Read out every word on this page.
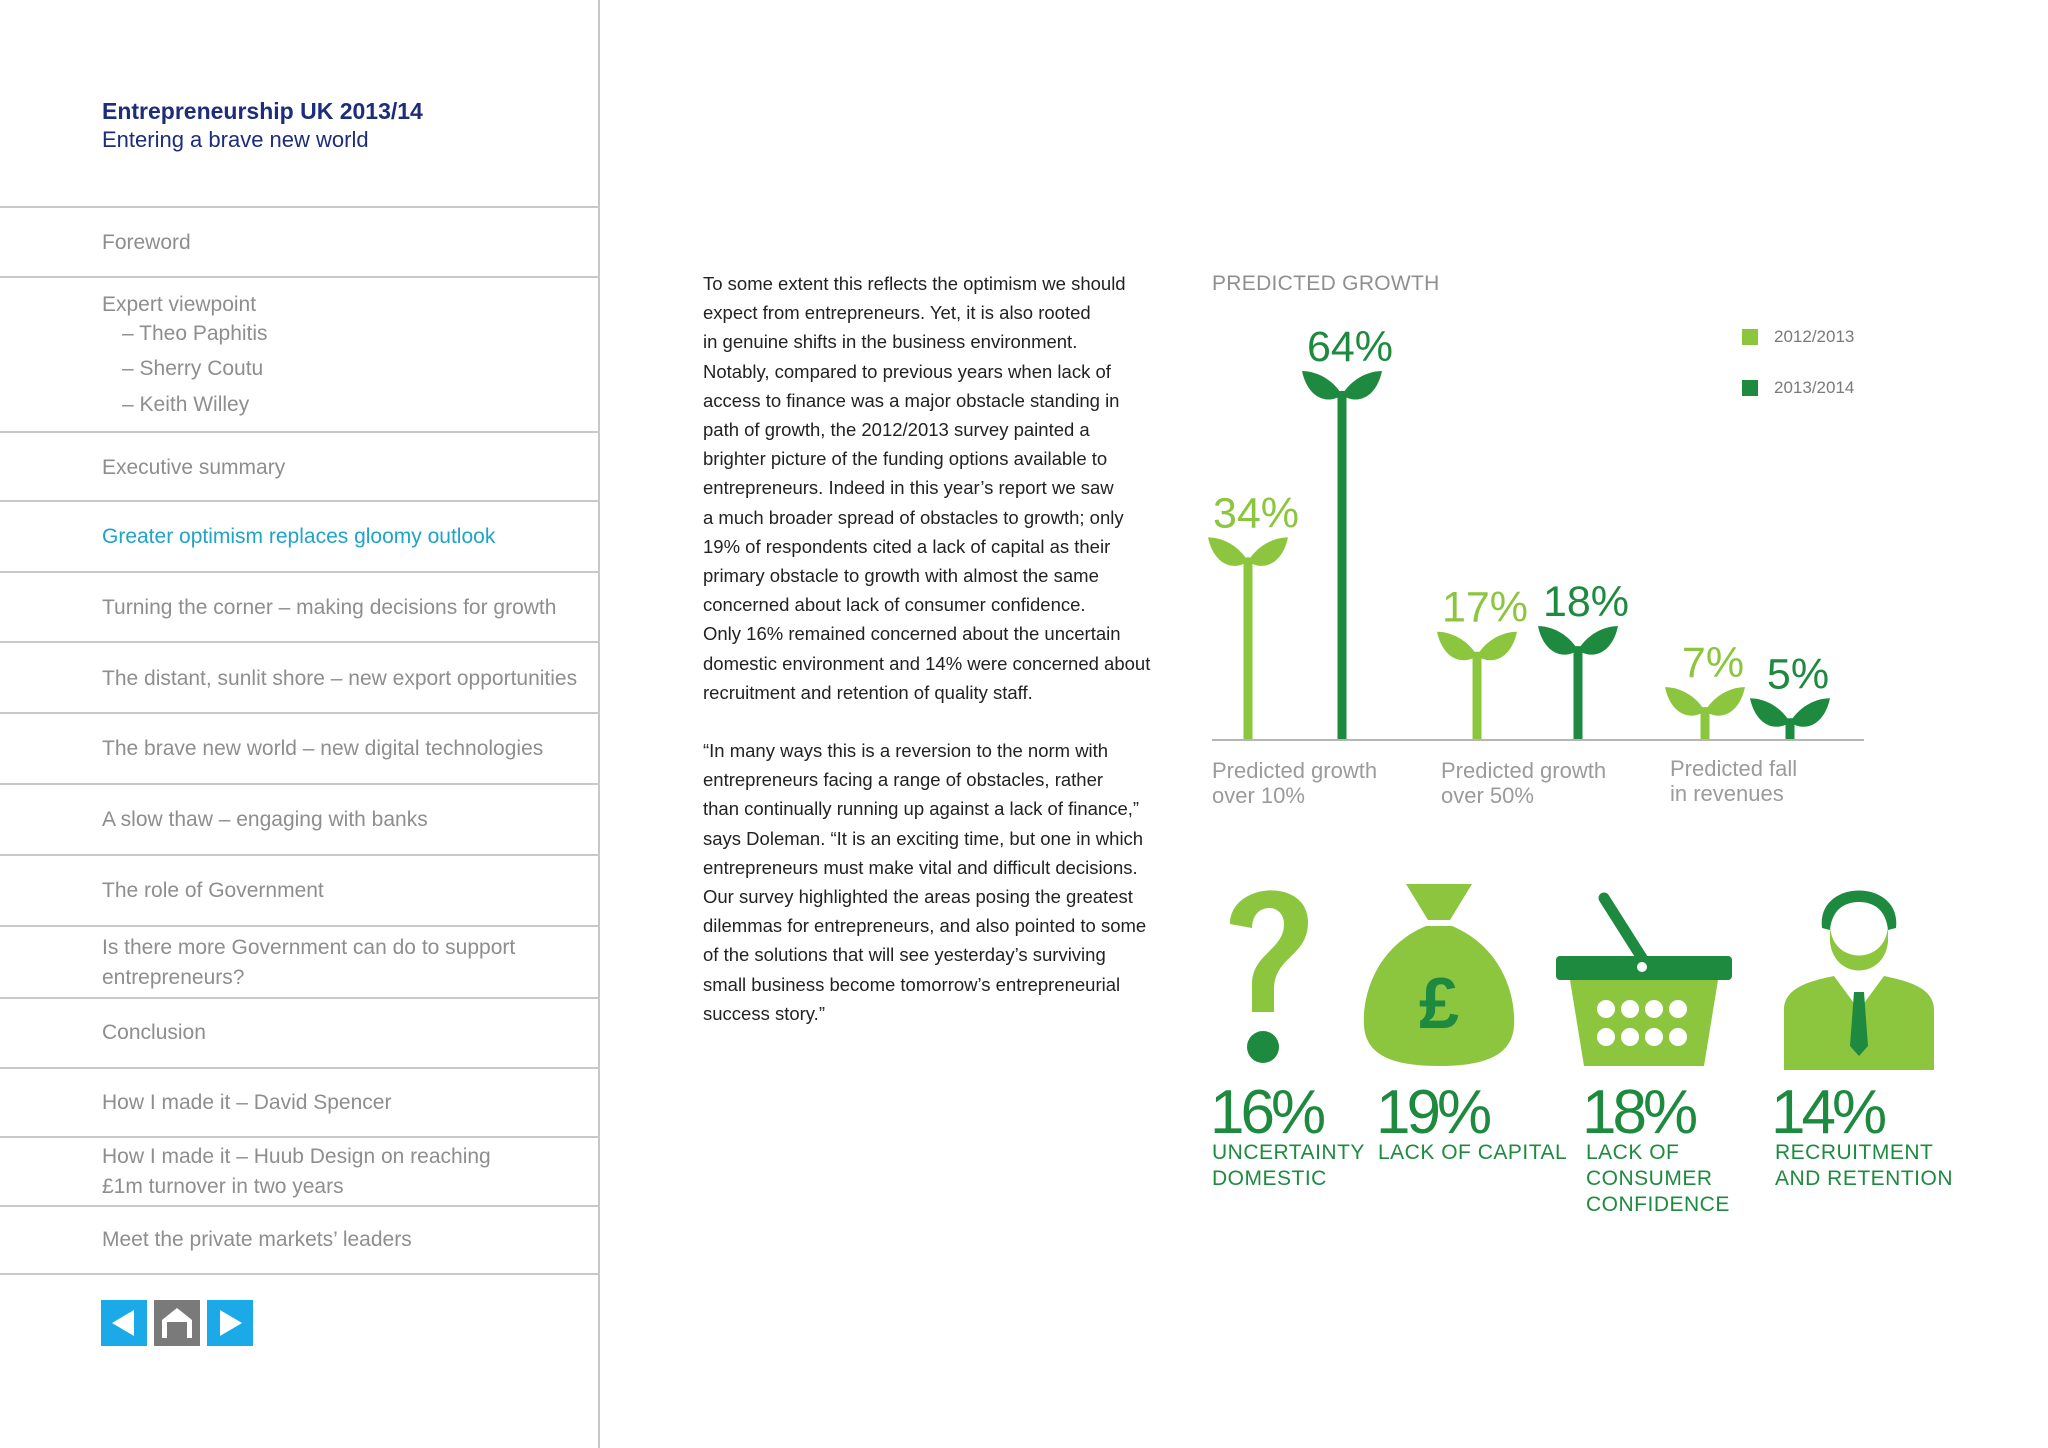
Entrepreneurship UK 2013/14
Entering a brave new world
Foreword
Expert viewpoint
– Theo Paphitis
– Sherry Coutu
– Keith Willey
Executive summary
Greater optimism replaces gloomy outlook
Turning the corner – making decisions for growth
The distant, sunlit shore – new export opportunities
The brave new world – new digital technologies
A slow thaw – engaging with banks
The role of Government
Is there more Government can do to support
entrepreneurs?
Conclusion
How I made it – David Spencer
How I made it – Huub Design on reaching
£1m turnover in two years
Meet the private markets’ leaders
To some extent this reflects the optimism we should
expect from entrepreneurs. Yet, it is also rooted
in genuine shifts in the business environment.
Notably, compared to previous years when lack of
access to finance was a major obstacle standing in
path of growth, the 2012/2013 survey painted a
brighter picture of the funding options available to
entrepreneurs. Indeed in this year’s report we saw
a much broader spread of obstacles to growth; only
19% of respondents cited a lack of capital as their
primary obstacle to growth with almost the same
concerned about lack of consumer confidence.
Only 16% remained concerned about the uncertain
domestic environment and 14% were concerned about
recruitment and retention of quality staff.
“In many ways this is a reversion to the norm with
entrepreneurs facing a range of obstacles, rather
than continually running up against a lack of finance,”
says Doleman. “It is an exciting time, but one in which
entrepreneurs must make vital and difficult decisions.
Our survey highlighted the areas posing the greatest
dilemmas for entrepreneurs, and also pointed to some
of the solutions that will see yesterday’s surviving
small business become tomorrow’s entrepreneurial
success story.”
PREDICTED GROWTH
2012/2013
2013/2014
34%
17%
7%
64%
18%
5%
Predicted growth
over 10%
Predicted growth
over 50%
Predicted fall
in revenues
£
16%
UNCERTAINTY
DOMESTIC
19%
LACK OF CAPITAL
18%
LACK OF
CONSUMER
CONFIDENCE
14%
RECRUITMENT
AND RETENTION
